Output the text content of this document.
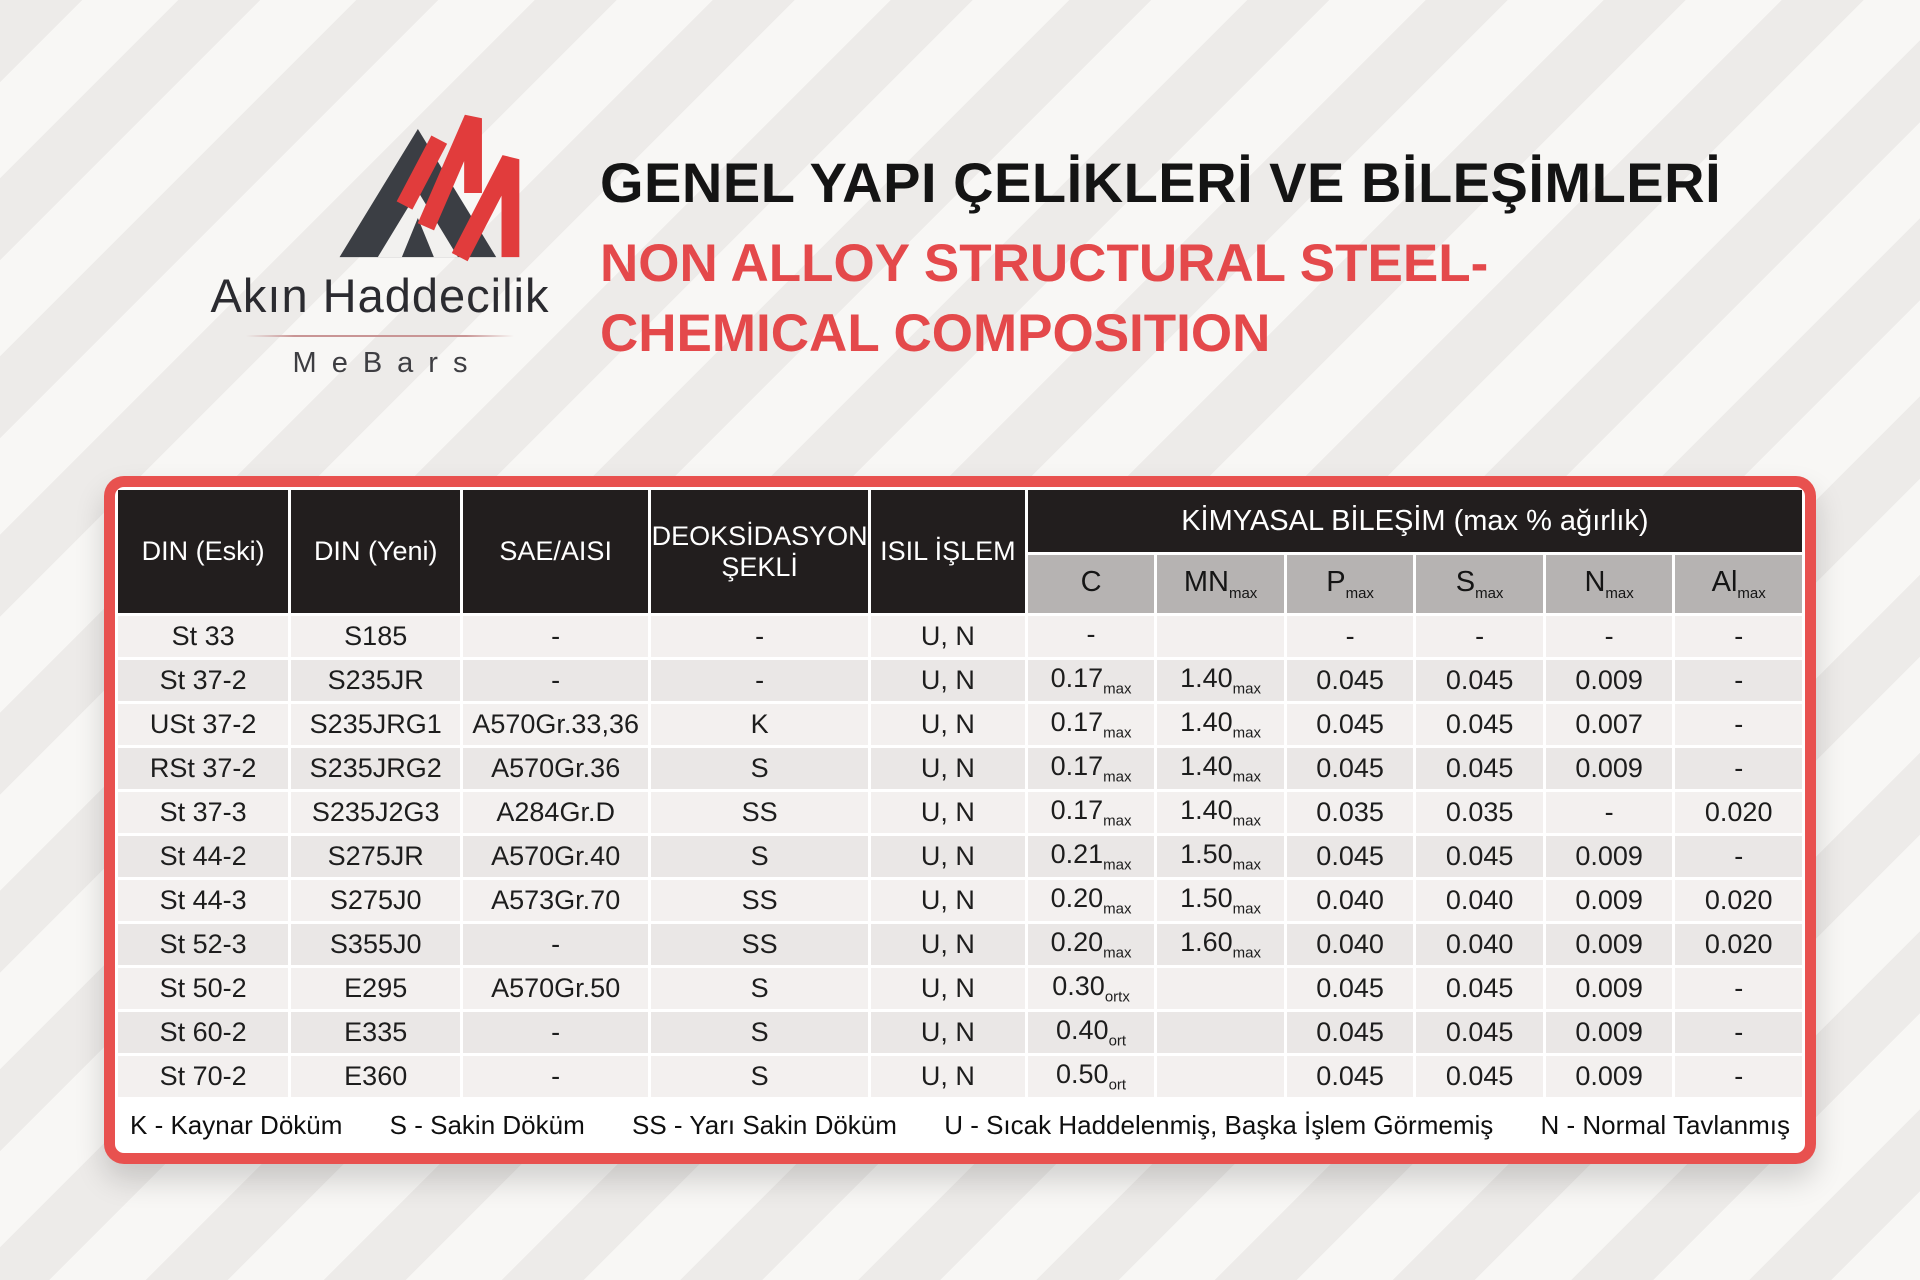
Akın Haddecilik
MeBars
GENEL YAPI ÇELİKLERİ VE BİLEŞİMLERİ
NON ALLOY STRUCTURAL STEEL-
CHEMICAL COMPOSITION
DIN (Eski)	DIN (Yeni)	SAE/AISI	DEOKSİDASYON ŞEKLİ	ISIL İŞLEM	KİMYASAL BİLEŞİM (max % ağırlık)					
					C	$MN_{max}$	$P_{max}$	$S_{max}$	$N_{max}$	$Al_{max}$
St 33	S185	-	-	U, N	-		-	-	-	-
St 37-2	S235JR	-	-	U, N	$0.17_{max}$	$1.40_{max}$	0.045	0.045	0.009	-
USt 37-2	S235JRG1	A570Gr.33,36	K	U, N	$0.17_{max}$	$1.40_{max}$	0.045	0.045	0.007	-
RSt 37-2	S235JRG2	A570Gr.36	S	U, N	$0.17_{max}$	$1.40_{max}$	0.045	0.045	0.009	-
St 37-3	S235J2G3	A284Gr.D	SS	U, N	$0.17_{max}$	$1.40_{max}$	0.035	0.035	-	0.020
St 44-2	S275JR	A570Gr.40	S	U, N	$0.21_{max}$	$1.50_{max}$	0.045	0.045	0.009	-
St 44-3	S275J0	A573Gr.70	SS	U, N	$0.20_{max}$	$1.50_{max}$	0.040	0.040	0.009	0.020
St 52-3	S355J0	-	SS	U, N	$0.20_{max}$	$1.60_{max}$	0.040	0.040	0.009	0.020
St 50-2	E295	A570Gr.50	S	U, N	$0.30_{ortx}$		0.045	0.045	0.009	-
St 60-2	E335	-	S	U, N	$0.40_{ort}$		0.045	0.045	0.009	-
St 70-2	E360	-	S	U, N	$0.50_{ort}$		0.045	0.045	0.009	-

K - Kaynar Döküm S - Sakin Döküm SS - Yarı Sakin Döküm U - Sıcak Haddelenmiş, Başka İşlem Görmemiş N - Normal Tavlanmış										
